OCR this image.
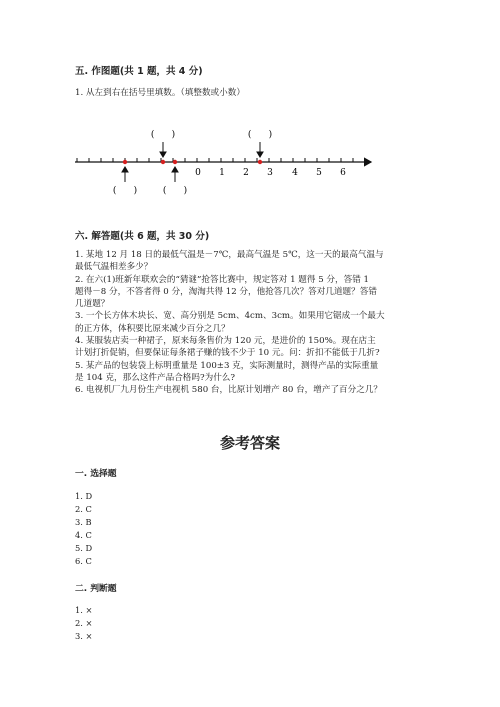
五. 作图题(共 1 题，共 4 分)
1. 从左到右在括号里填数。（填整数或小数）
0 1 2 3 4 5 6
(      )	(      )
(      )	(      )
六. 解答题(共 6 题，共 30 分)
1. 某地 12 月 18 日的最低气温是－7℃，最高气温是 5℃，这一天的最高气温与
最低气温相差多少？
2. 在六(1)班新年联欢会的“猜谜”抢答比赛中，规定答对 1 题得 5 分，答错 1
题得－8 分，不答者得 0 分，淘淘共得 12 分，他抢答几次？答对几道题？答错
几道题？
3. 一个长方体木块长、宽、高分别是 5cm、4cm、3cm。如果用它锯成一个最大
的正方体，体积要比原来减少百分之几？
4. 某服装店卖一种裙子，原来每条售价为 120 元，是进价的 150%。现在店主
计划打折促销，但要保证每条裙子赚的钱不少于 10 元。问：折扣不能低于几折?
5. 某产品的包装袋上标明重量是 100±3 克，实际测量时，测得产品的实际重量
是 104 克，那么这件产品合格吗?为什么?
6. 电视机厂九月份生产电视机 580 台，比原计划增产 80 台，增产了百分之几？
参考答案
一. 选择题
1. D
2. C
3. B
4. C
5. D
6. C
二. 判断题
1. ×
2. ×
3. ×
